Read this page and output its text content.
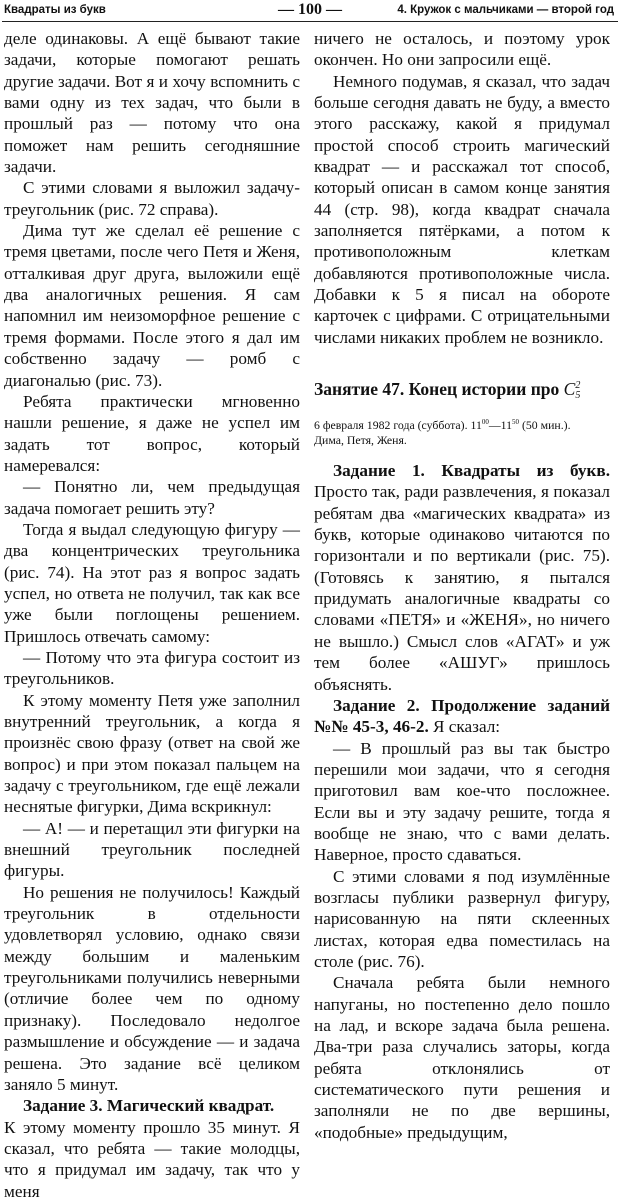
Квадраты из букв	— 100 —	4. Кружок с мальчиками — второй год

деле одинаковы. А ещё бывают такие задачи, которые помогают решать другие задачи. Вот я и хочу вспомнить с вами одну из тех задач, что были в прошлый раз — потому что она поможет нам решить сегодняшние задачи.

С этими словами я выложил задачу-треугольник (рис. 72 справа).

Дима тут же сделал её решение с тремя цветами, после чего Петя и Женя, отталкивая друг друга, выложили ещё два аналогичных решения. Я сам напомнил им неизоморфное решение с тремя формами. После этого я дал им собственно задачу — ромб с диагональю (рис. 73).

Ребята практически мгновенно нашли решение, я даже не успел им задать тот вопрос, который намеревался:

— Понятно ли, чем предыдущая задача помогает решить эту?

Тогда я выдал следующую фигуру — два концентрических треугольника (рис. 74). На этот раз я вопрос задать успел, но ответа не получил, так как все уже были поглощены решением. Пришлось отвечать самому:

— Потому что эта фигура состоит из треугольников.

К этому моменту Петя уже заполнил внутренний треугольник, а когда я произнёс свою фразу (ответ на свой же вопрос) и при этом показал пальцем на задачу с треугольником, где ещё лежали неснятые фигурки, Дима вскрикнул:

— А! — и перетащил эти фигурки на внешний треугольник последней фигуры.

Но решения не получилось! Каждый треугольник в отдельности удовлетворял условию, однако связи между большим и маленьким треугольниками получились неверными (отличие более чем по одному признаку). Последовало недолгое размышление и обсуждение — и задача решена. Это задание всё целиком заняло 5 минут.

Задание 3. Магический квадрат.

К этому моменту прошло 35 минут. Я сказал, что ребята — такие молодцы, что я придумал им задачу, так что у меня

ничего не осталось, и поэтому урок окончен. Но они запросили ещё.

Немного подумав, я сказал, что задач больше сегодня давать не буду, а вместо этого расскажу, какой я придумал простой способ строить магический квадрат — и расскажал тот способ, который описан в самом конце занятия 44 (стр. 98), когда квадрат сначала заполняется пятёрками, а потом к противоположным клеткам добавляются противоположные числа. Добавки к 5 я писал на обороте карточек с цифрами. С отрицательными числами никаких проблем не возникло.

Занятие 47. Конец истории про C 2
5
6 февраля 1982 года (суббота). $11^{00}—11^{50}$ (50 мин.).
Дима, Петя, Женя.

Задание 1. Квадраты из букв. Просто так, ради развлечения, я показал ребятам два «магических квадрата» из букв, которые одинаково читаются по горизонтали и по вертикали (рис. 75). (Готовясь к занятию, я пытался придумать аналогичные квадраты со словами «ПЕТЯ» и «ЖЕНЯ», но ничего не вышло.) Смысл слов «АГАТ» и уж тем более «АШУГ» пришлось объяснять.

Задание 2. Продолжение заданий №№ 45-3, 46-2. Я сказал:

— В прошлый раз вы так быстро перешили мои задачи, что я сегодня приготовил вам кое-что посложнее. Если вы и эту задачу решите, тогда я вообще не знаю, что с вами делать. Наверное, просто сдаваться.

С этими словами я под изумлённые возгласы публики развернул фигуру, нарисованную на пяти склеенных листах, которая едва поместилась на столе (рис. 76).

Сначала ребята были немного напуганы, но постепенно дело пошло на лад, и вскоре задача была решена. Два-три раза случались заторы, когда ребята отклонялись от систематического пути решения и заполняли не по две вершины, «подобные» предыдущим,
